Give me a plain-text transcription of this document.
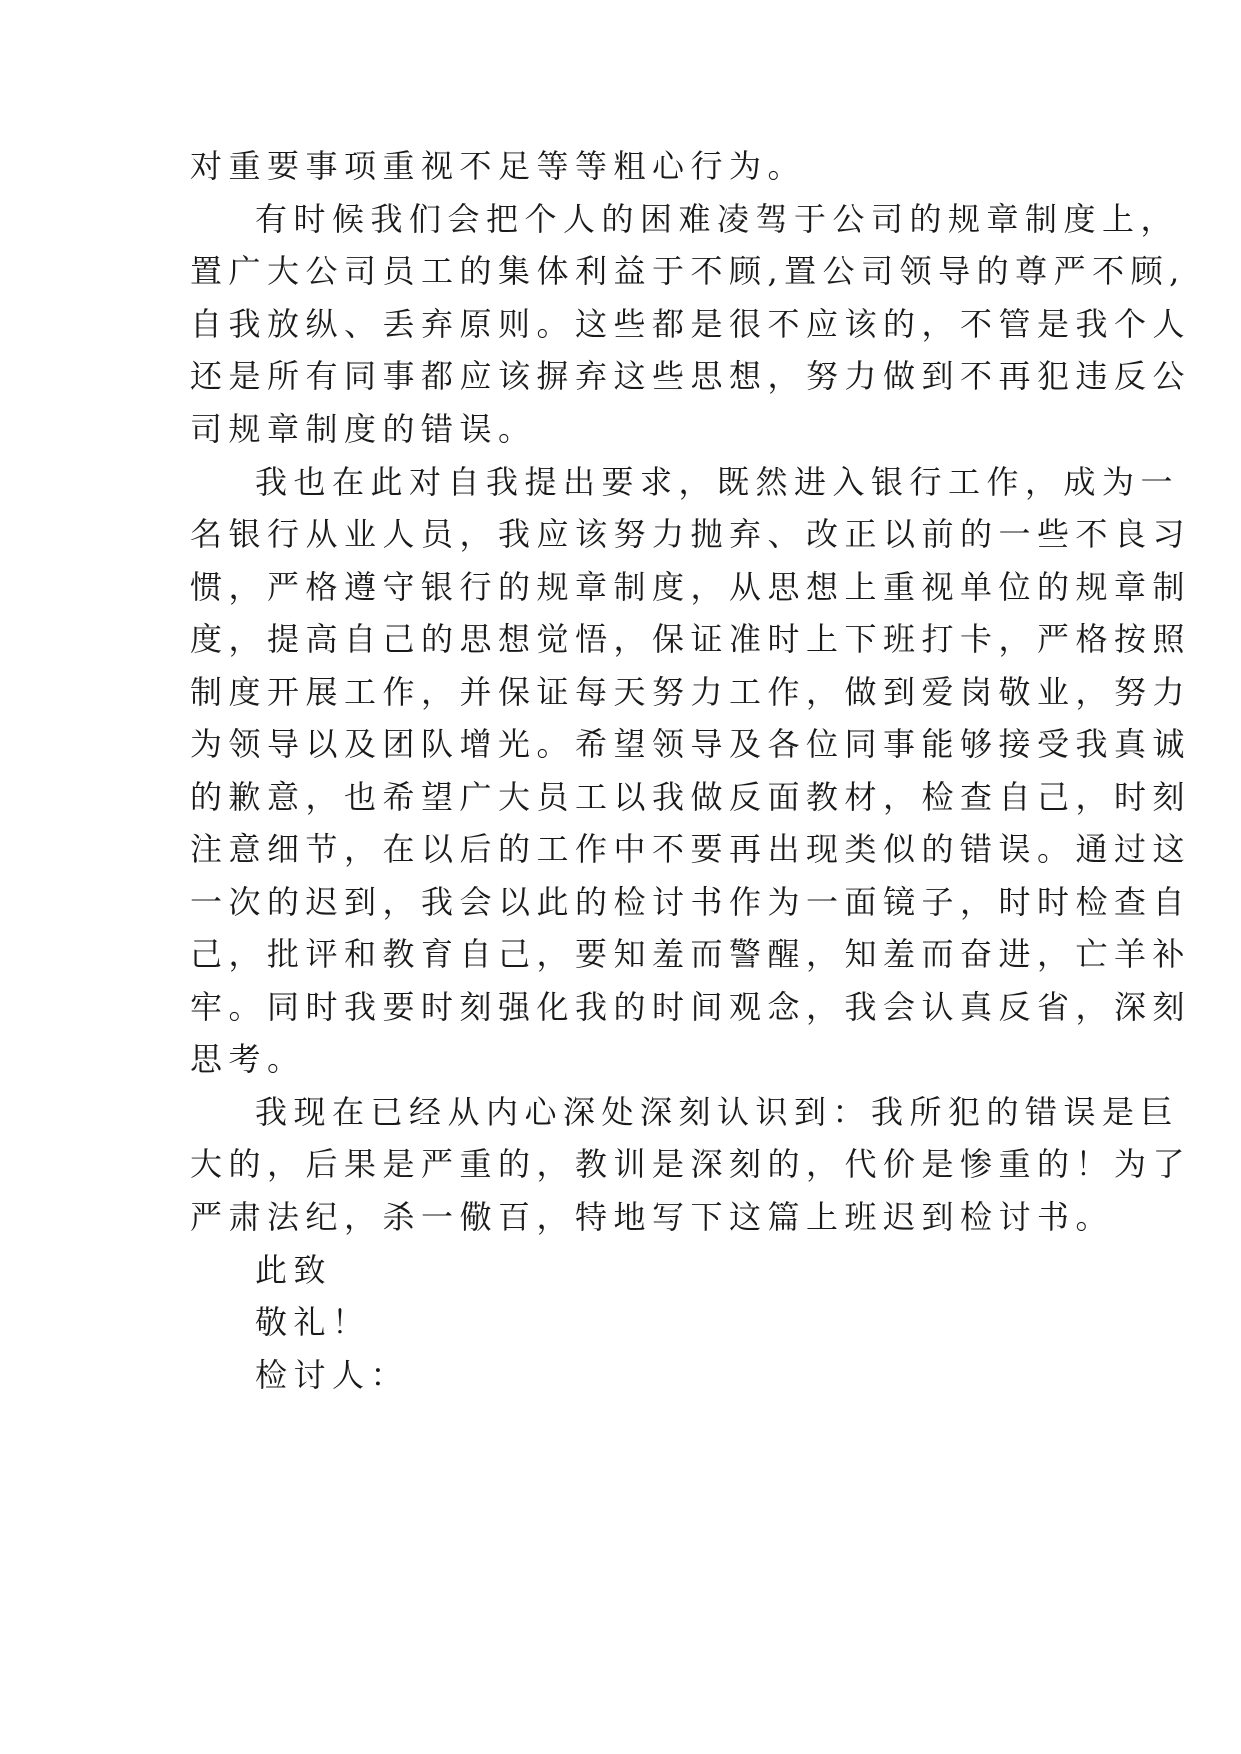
对重要事项重视不足等等粗心行为。

有时候我们会把个人的困难凌驾于公司的规章制度上，

置广大公司员工的集体利益于不顾,置公司领导的尊严不顾,

自我放纵、丢弃原则。这些都是很不应该的，不管是我个人

还是所有同事都应该摒弃这些思想，努力做到不再犯违反公

司规章制度的错误。

我也在此对自我提出要求，既然进入银行工作，成为一

名银行从业人员，我应该努力抛弃、改正以前的一些不良习

惯，严格遵守银行的规章制度，从思想上重视单位的规章制

度，提高自己的思想觉悟，保证准时上下班打卡，严格按照

制度开展工作，并保证每天努力工作，做到爱岗敬业，努力

为领导以及团队增光。希望领导及各位同事能够接受我真诚

的歉意，也希望广大员工以我做反面教材，检查自己，时刻

注意细节，在以后的工作中不要再出现类似的错误。通过这

一次的迟到，我会以此的检讨书作为一面镜子，时时检查自

己，批评和教育自己，要知羞而警醒，知羞而奋进，亡羊补

牢。同时我要时刻强化我的时间观念，我会认真反省，深刻

思考。

我现在已经从内心深处深刻认识到：我所犯的错误是巨

大的，后果是严重的，教训是深刻的，代价是惨重的！为了

严肃法纪，杀一儆百，特地写下这篇上班迟到检讨书。

此致

敬礼！

检讨人：
